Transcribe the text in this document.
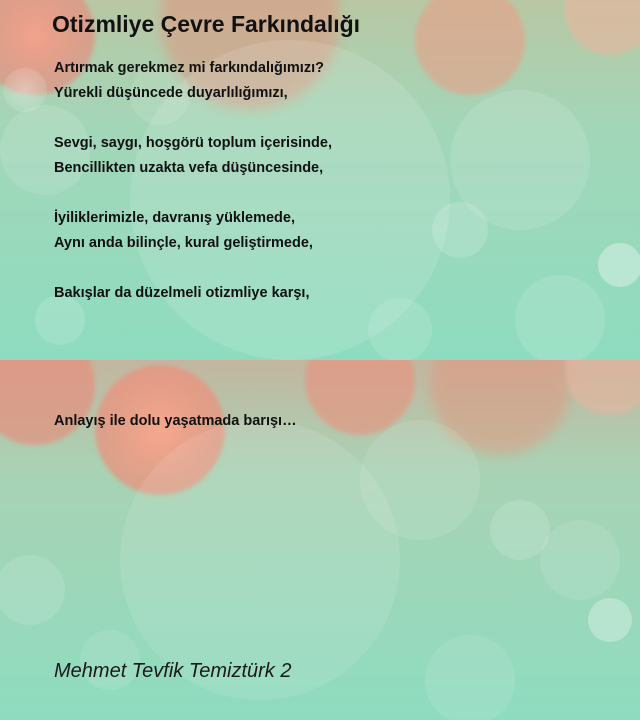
Otizmliye Çevre Farkındalığı
Artırmak gerekmez mi farkındalığımızı?
Yürekli düşüncede duyarlılığımızı,
Sevgi, saygı, hoşgörü toplum içerisinde,
Bencillikten uzakta vefa düşüncesinde,
İyiliklerimizle, davranış yüklemede,
Aynı anda bilinçle, kural geliştirmede,
Bakışlar da düzelmeli otizmliye karşı,
Anlayış ile dolu yaşatmada barışı…
Mehmet Tevfik Temiztürk 2
